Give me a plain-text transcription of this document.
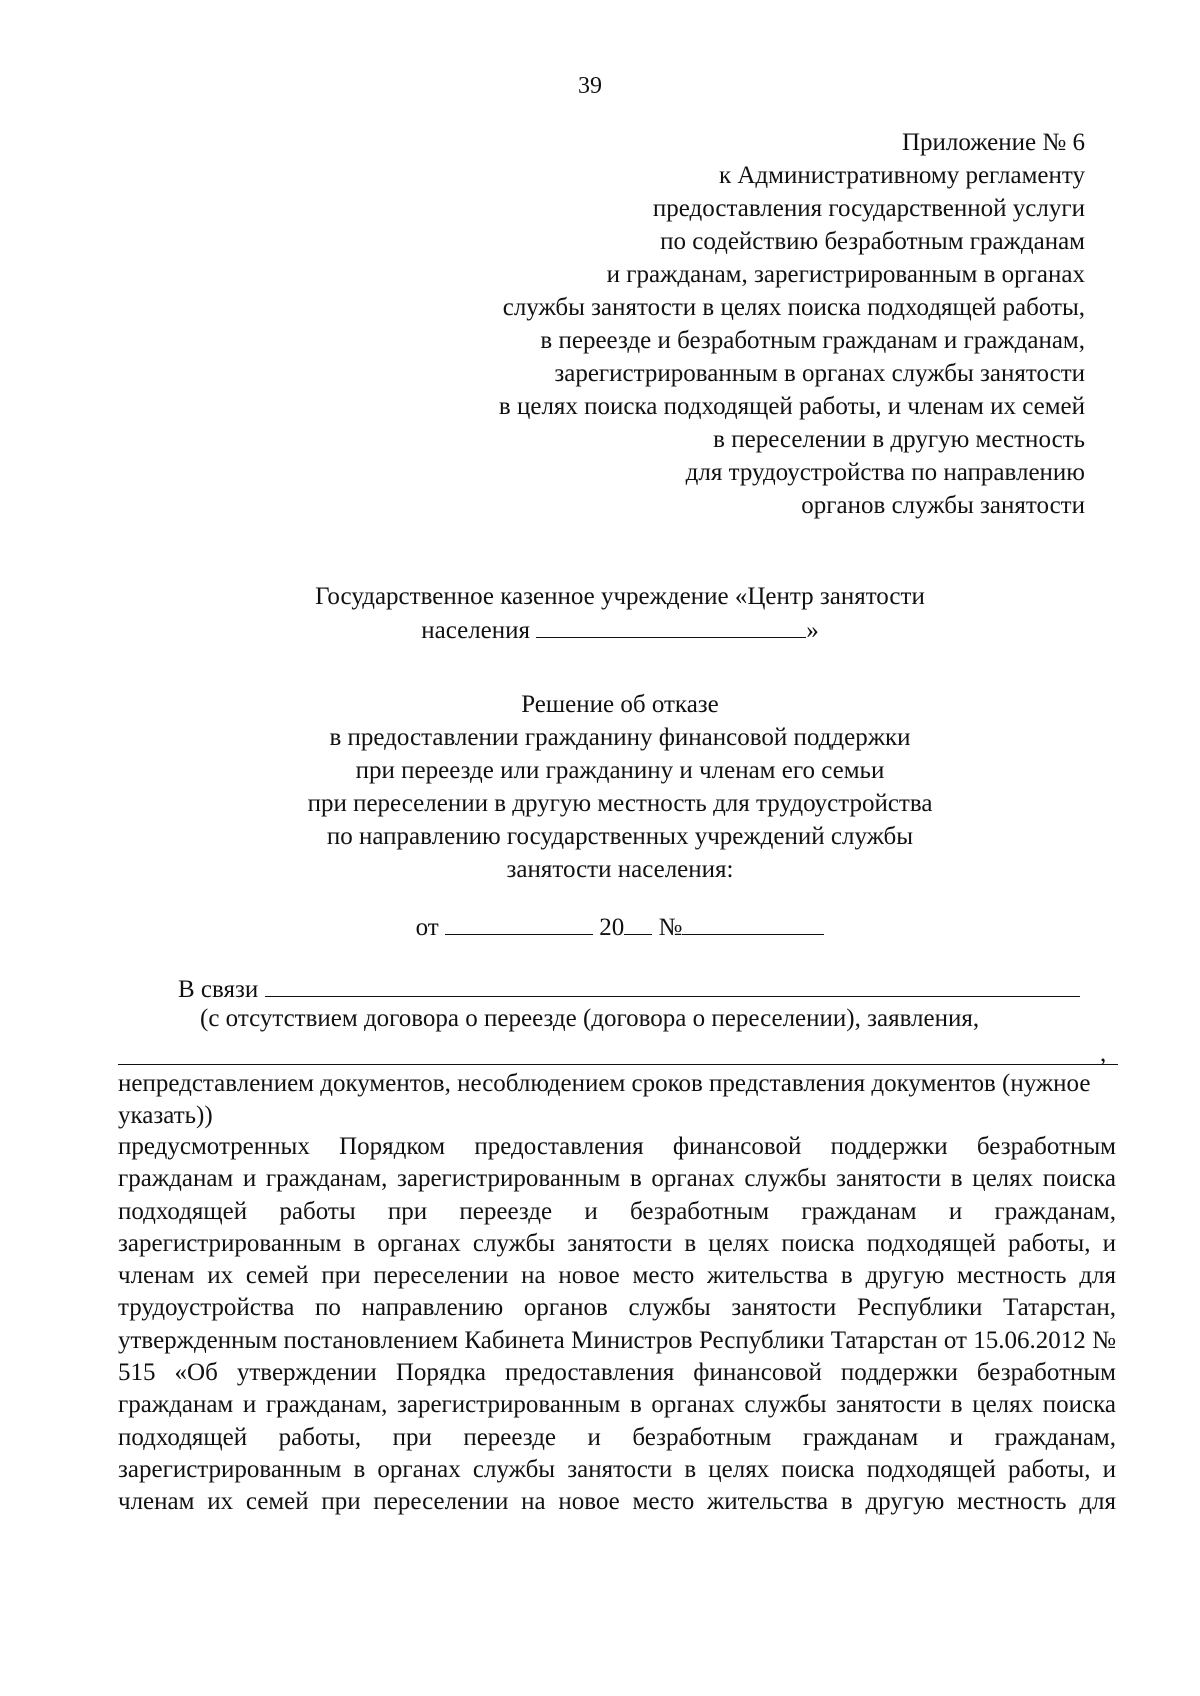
39
Приложение № 6
к Административному регламенту
предоставления государственной услуги
по содействию безработным гражданам
и гражданам, зарегистрированным в органах
службы занятости в целях поиска подходящей работы,
в переезде и безработным гражданам и гражданам,
зарегистрированным в органах службы занятости
в целях поиска подходящей работы, и членам их семей
в переселении в другую местность
для трудоустройства по направлению
органов службы занятости
Государственное казенное учреждение «Центр занятости
населения	»
Решение об отказе
в предоставлении гражданину финансовой поддержки
при переезде или гражданину и членам его семьи
при переселении в другую местность для трудоустройства
по направлению государственных учреждений службы
занятости населения:
от	20 №
В связи
(с отсутствием договора о переезде (договора о переселении), заявления,
,
непредставлением документов, несоблюдением сроков представления документов (нужное указать))
предусмотренных Порядком предоставления финансовой поддержки безработным гражданам и гражданам, зарегистрированным в органах службы занятости в целях поиска подходящей работы при переезде и безработным гражданам и гражданам, зарегистрированным в органах службы занятости в целях поиска подходящей работы, и членам их семей при переселении на новое место жительства в другую местность для трудоустройства по направлению органов службы занятости Республики Татарстан, утвержденным постановлением Кабинета Министров Республики Татарстан от 15.06.2012 № 515 «Об утверждении Порядка предоставления финансовой поддержки безработным гражданам и гражданам, зарегистрированным в органах службы занятости в целях поиска подходящей работы, при переезде и безработным гражданам и гражданам, зарегистрированным в органах службы занятости в целях поиска подходящей работы, и членам их семей при переселении на новое место жительства в другую местность для
